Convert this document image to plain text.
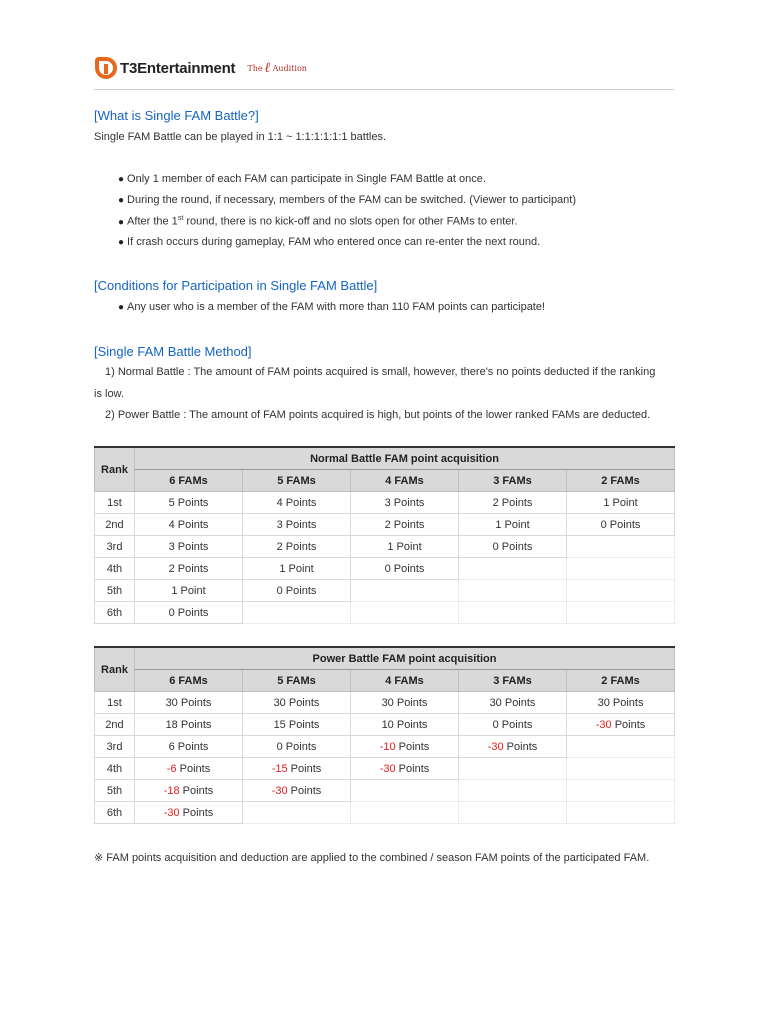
T3Entertainment The ℓ Audition
[What is Single FAM Battle?]
Single FAM Battle can be played in 1:1 ~ 1:1:1:1:1:1 battles.
● Only 1 member of each FAM can participate in Single FAM Battle at once.
● During the round, if necessary, members of the FAM can be switched. (Viewer to participant)
● After the 1st round, there is no kick-off and no slots open for other FAMs to enter.
● If crash occurs during gameplay, FAM who entered once can re-enter the next round.
[Conditions for Participation in Single FAM Battle]
● Any user who is a member of the FAM with more than 110 FAM points can participate!
[Single FAM Battle Method]
1) Normal Battle : The amount of FAM points acquired is small, however, there's no points deducted if the ranking
is low.
2) Power Battle : The amount of FAM points acquired is high, but points of the lower ranked FAMs are deducted.
Rank	Normal Battle FAM point acquisition				
	6 FAMs	5 FAMs	4 FAMs	3 FAMs	2 FAMs
1st	5 Points	4 Points	3 Points	2 Points	1 Point
2nd	4 Points	3 Points	2 Points	1 Point	0 Points
3rd	3 Points	2 Points	1 Point	0 Points	
4th	2 Points	1 Point	0 Points		
5th	1 Point	0 Points			
6th	0 Points				
Rank	Power Battle FAM point acquisition				
	6 FAMs	5 FAMs	4 FAMs	3 FAMs	2 FAMs
1st	30 Points	30 Points	30 Points	30 Points	30 Points
2nd	18 Points	15 Points	10 Points	0 Points	-30 Points
3rd	6 Points	0 Points	-10 Points	-30 Points	
4th	-6 Points	-15 Points	-30 Points		
5th	-18 Points	-30 Points			
6th	-30 Points				
※ FAM points acquisition and deduction are applied to the combined / season FAM points of the participated FAM.
